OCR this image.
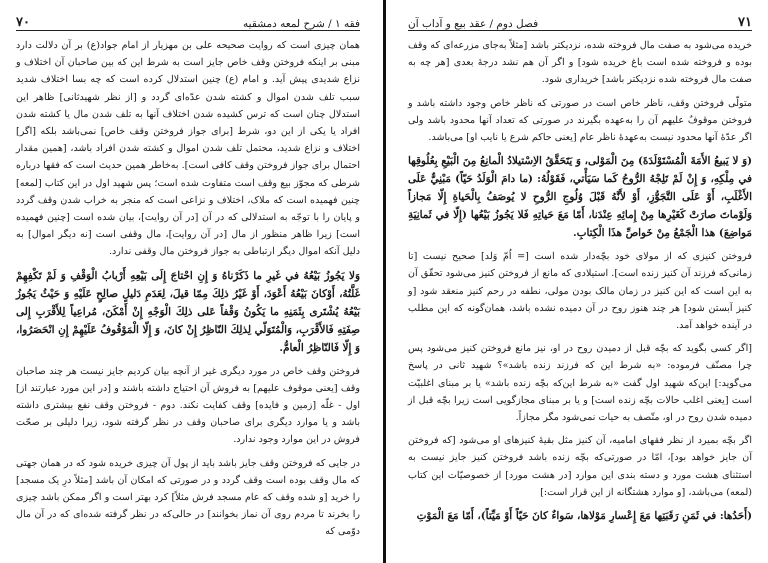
فقه ۱ / شرح لمعه دمشقیه
۷۰

همان چیزی است که روایت صحیحه علی بن مهزیار از امام جواد(ع) بر آن دلالت دارد مبنی بر اینکه فروختن وقف خاص جایز است به شرط این که بین صاحبان آن اختلاف و نزاع شدیدی پیش آید. و امام (ع) چنین استدلال کرده است که چه بسا اختلاف شدید سبب تلف شدن اموال و کشته شدن عدّه‌ای گردد و [از نظر شهیدثانی] ظاهر این استدلال چنان است که ترس کشیده شدن اختلاف آنها به تلف شدن مال یا کشته شدن افراد یا یکی از این دو، شرط [برای جواز فروختن وقف خاص] نمی‌باشد بلکه [اگر] اختلاف و نزاع شدید، محتمل تلف شدن اموال و کشته شدن افراد باشد، [همین مقدار احتمال برای جواز فروختن وقف کافی است]. به‌خاطر همین حدیث است که فقها درباره شرطی که مجوّز بیع وقف است متفاوت شده است؛ پس شهید اول در این کتاب [لمعه] چنین فهمیده است که ملاک، اختلاف و نزاعی است که منجر به خراب شدن وقف گردد و پایان را با توجّه به استدلالی که در آن [در آن روایت]، بیان شده است [چنین فهمیده است] زیرا ظاهر منظور از مال [در آن روایت]، مال وقفی است [نه دیگر اموال] به دلیل آنکه اموال دیگر ارتباطی به جواز فروختن مال وقفی ندارد.

وَلا يَجُوزُ بَيْعُهُ في غَيرِ ما ذَكَرْناهُ وَ إِنِ احْتاجَ إِلَى بَيْعِهِ أَرْبابُ الْوَقْفِ وَ لَمْ تَكْفِهِمْ غَلَّتُهُ، أَوْكانَ بَيْعُهُ أَعْوَدَ، أَوْ غَيْرُ ذلِكَ مِمّا قيلَ، لِعَدَمِ دَليلٍ صالِحٍ عَلَيْهِ وَ حَيْثُ يَجُوزُ بَيْعُهُ يُشْتَرى بِثَمَنِهِ ما يَكُونُ وَقْفاً عَلى ذلِكَ الْوَجْهِ إِنْ أَمْكَنَ، مُراعِياً لِلأَقْرَبِ إِلى صِفَتِهِ فَالأَقْرَبِ، وَالْمُتَوَلّي لِذلِكَ النّاظِرُ إِنْ كانَ، وَ إِلّا الْمَوْقُوفُ عَلَيْهِمْ إِنِ انْحَصَرُوا، وَ إِلّا فَالنّاظِرُ الْعامُّ.

فروختن وقف خاص در مورد دیگری غیر از آنچه بیان کردیم جایز نیست هر چند صاحبان وقف [یعنی موقوف علیهم] به فروش آن احتیاج داشته باشند و [در این مورد عبارتند از] اول - غلّه [زمین و فایده] وقف کفایت نکند. دوم - فروختن وقف نفع بیشتری داشته باشد و یا موارد دیگری برای صاحبان وقف در نظر گرفته شود، زیرا دلیلی بر صحّت فروش در این موارد وجود ندارد.

در جایی که فروختن وقف جایز باشد باید از پول آن چیزی خریده شود که در همان جهتی که مال وقف بوده است وقف گردد و در صورتی که امکان آن باشد [مثلاً درِ یک مسجد] را خرید [و شده وقف که عام مسجد فرش مثلاً] کرد بهتر است و اگر ممکن باشد چیزی را بخرند تا مردم روی آن نماز بخوانند] در حالی‌که در نظر گرفته شده‌ای که در آن مال دوّمی که

۷۱
فصل دوم / عقد بیع و آداب آن

خریده می‌شود به صفت مال فروخته شده، نزدیکتر باشد [مثلاً به‌جای مزرعه‌ای که وقف بوده و فروخته شده است باغ خریده شود] و اگر آن هم نشد درجهٔ بعدی [هر چه به صفت مال فروخته شده نزدیکتر باشد] خریداری شود.

متولّی فروختن وقف، ناظر خاص است در صورتی که ناظر خاص وجود داشته باشد و فروختن موقوفٌ علیهم آن را به‌عهده بگیرند در صورتی که تعداد آنها محدود باشد ولی اگر عدّهٔ آنها محدود نیست به‌عهدهٔ ناظر عام [یعنی حاکم شرع یا نایب او] می‌باشد.

(وَ لا يَبيعُ الأَمَةَ الْمُسْتَوْلَدَةَ) مِنَ الْمَوْلى، وَ يَتَحَقَّقُ الاِسْتيلادُ الْمانِعُ مِنَ الْبَيْعِ بِعُلُوقِها في مِلْكِهِ، وَ إِنْ لَمْ تَلِجْهُ الرُّوحُ كَما سَيَأْتي، فَقَوْلُهُ: (ما دامَ الْوَلَدُ حَيّاً) مَبْنِيٌّ عَلَى الأَغْلَبِ، أَوْ عَلَى التَّجَوُّزِ، أَوْ لأَنَّهُ قَبْلَ وُلُوجِ الرُّوحِ لا يُوصَفُ بِالْحَياةِ إِلّا مَجازاً وَلَوْماتَ صارَتْ كَغَيْرِها مِنْ إِمائِهِ عِنْدَنا، أَمّا مَعَ حَياتِهِ فَلا يَجُوزُ بَيْعُها (إِلّا في ثَمانِيَةِ مَواضِعَ) هذا الْجَمْعُ مِنْ خَواصِّ هذَا الْكِتابِ.

فروختن کنیزی که از مولای خود بچّه‌دار شده است [= اُمّ وَلد] صحیح نیست [تا زمانی‌که فرزند آن کنیز زنده است]. استیلادی که مانع از فروختن کنیز می‌شود تحقّق آن به این است که این کنیز در زمان مالک بودن مولی، نطفه در رحم کنیز منعقد شود [و کنیز آبستن شود] هر چند هنوز روح در آن دمیده نشده باشد، همان‌گونه که این مطلب در آینده خواهد آمد.

[اگر کسی بگوید که بچّه قبل از دمیدن روح در او، نیز مانع فروختن کنیز می‌شود پس چرا مصنّف فرموده: «به شرط این که فرزند زنده باشد»؟ شهید ثانی در پاسخ می‌گوید:] این‌که شهید اول گفت «به شرط این‌که بچّه زنده باشد» یا بر مبنای اغلبیّت است [یعنی اغلب حالات بچّه زنده است] و یا بر مبنای مجازگویی است زیرا بچّه قبل از دمیده شدن روح در او، متّصف به حیات نمی‌شود مگر مجازاً.

اگر بچّه بمیرد از نظر فقهای امامیه، آن کنیز مثل بقیهٔ کنیزهای او می‌شود [که فروختن آن جایز خواهد بود]، امّا در صورتی‌که بچّه زنده باشد فروختن کنیز جایز نیست به استثنای هشت مورد و دسته بندی این موارد [در هشت مورد] از خصوصیّات این کتاب (لمعه) می‌باشد، [و موارد هشتگانه از این قرار است:]

(أَحَدُها: في ثَمَنِ رَقَبَتِها مَعَ إِعْسارِ مَوْلاها، سَواءٌ كانَ حَيّاً أَوْ مَيِّتاً)، أَمّا مَعَ الْمَوْتِ
